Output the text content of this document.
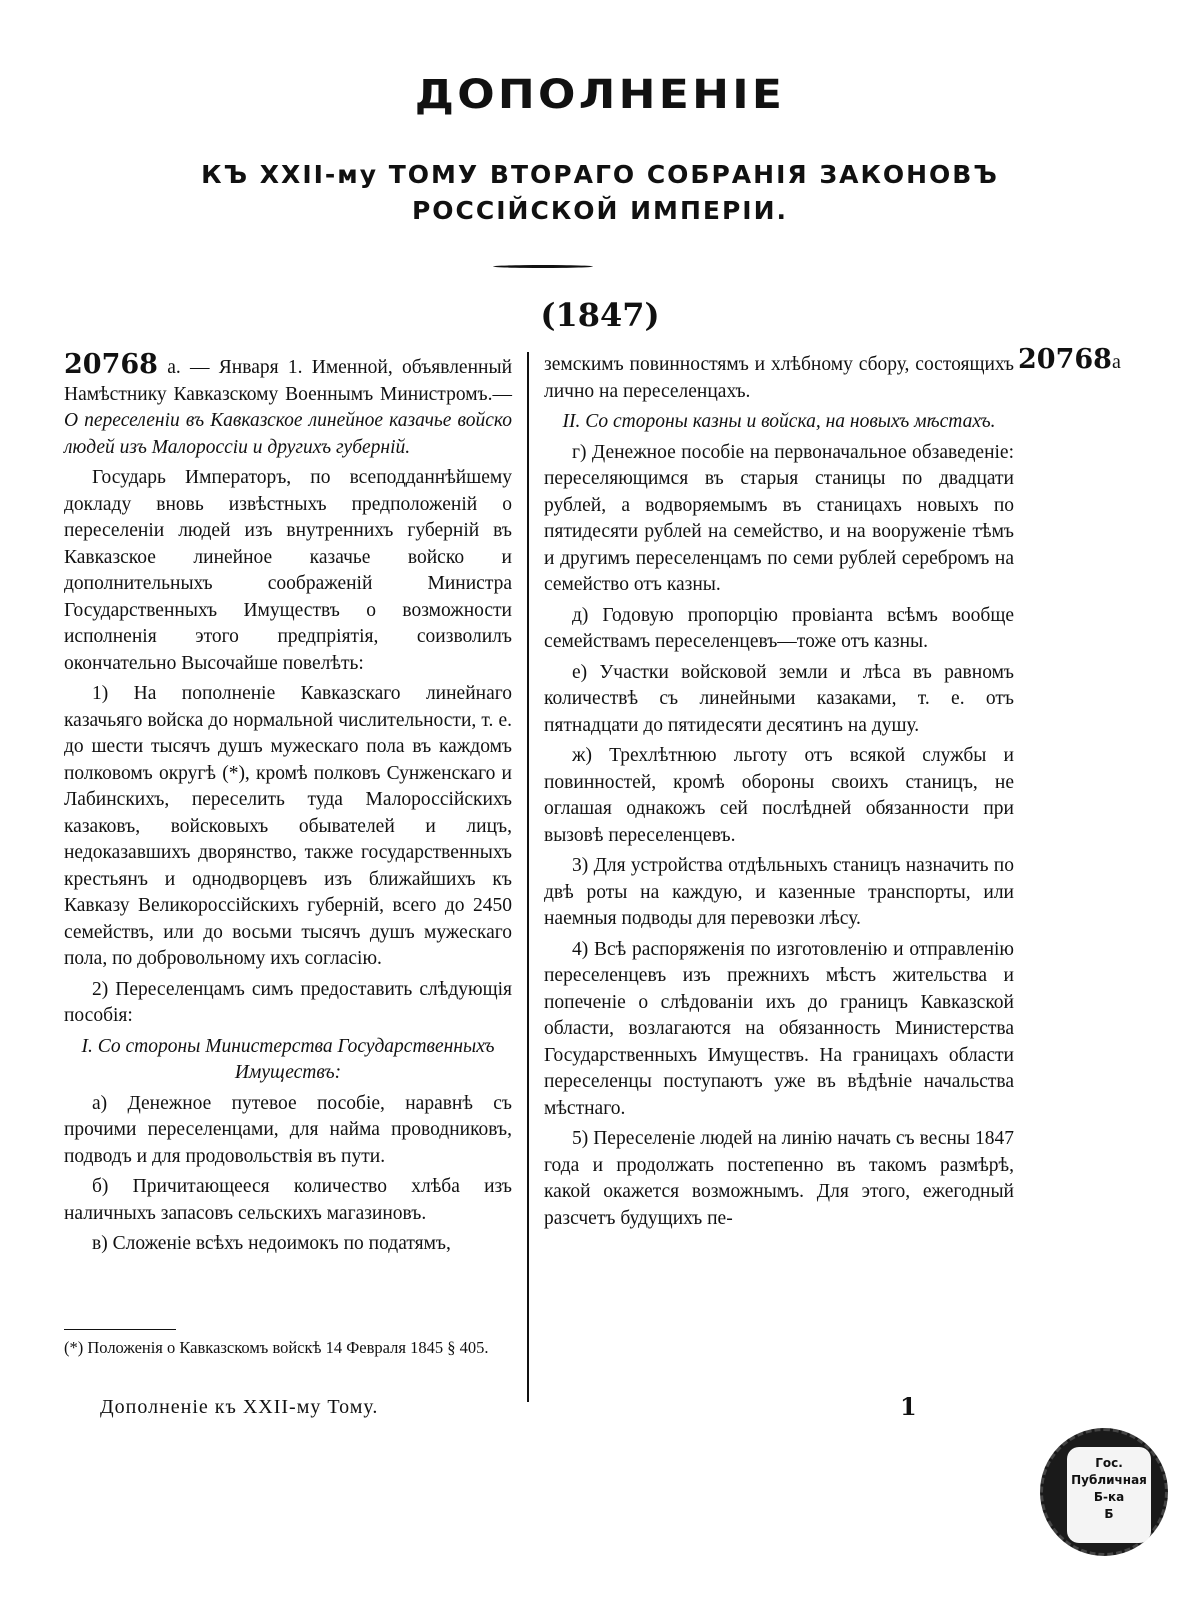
ДОПОЛНЕНІЕ
КЪ XXII-му ТОМУ ВТОРАГО СОБРАНІЯ ЗАКОНОВЪ
РОССІЙСКОЙ ИМПЕРІИ.
(1847)
20768а

20768 а. — Января 1. Именной, объявленный Намѣстнику Кавказскому Военнымъ Министромъ.— О переселеніи въ Кавказское линейное казачье войско людей изъ Малороссіи и другихъ губерній.

Государь Императоръ, по всеподданнѣйшему докладу вновь извѣстныхъ предположеній о переселеніи людей изъ внутреннихъ губерній въ Кавказское линейное казачье войско и дополнительныхъ соображеній Министра Государственныхъ Имуществъ о возможности исполненія этого предпріятія, соизволилъ окончательно Высочайше повелѣть:

1) На пополненіе Кавказскаго линейнаго казачьяго войска до нормальной числительности, т. е. до шести тысячъ душъ мужескаго пола въ каждомъ полковомъ округѣ (*), кромѣ полковъ Сунженскаго и Лабинскихъ, переселить туда Малороссійскихъ казаковъ, войсковыхъ обывателей и лицъ, недоказавшихъ дворянство, также государственныхъ крестьянъ и однодворцевъ изъ ближайшихъ къ Кавказу Великороссійскихъ губерній, всего до 2450 семействъ, или до восьми тысячъ душъ мужескаго пола, по добровольному ихъ согласію.

2) Переселенцамъ симъ предоставить слѣдующія пособія:

I. Со стороны Министерства Государственныхъ Имуществъ:

а) Денежное путевое пособіе, наравнѣ съ прочими переселенцами, для найма проводниковъ, подводъ и для продовольствія въ пути.

б) Причитающееся количество хлѣба изъ наличныхъ запасовъ сельскихъ магазиновъ.

в) Сложеніе всѣхъ недоимокъ по податямъ,

земскимъ повинностямъ и хлѣбному сбору, состоящихъ лично на переселенцахъ.

II. Со стороны казны и войска, на новыхъ мѣстахъ.

г) Денежное пособіе на первоначальное обзаведеніе: переселяющимся въ старыя станицы по двадцати рублей, а водворяемымъ въ станицахъ новыхъ по пятидесяти рублей на семейство, и на вооруженіе тѣмъ и другимъ переселенцамъ по семи рублей серебромъ на семейство отъ казны.

д) Годовую пропорцію провіанта всѣмъ вообще семействамъ переселенцевъ—тоже отъ казны.

е) Участки войсковой земли и лѣса въ равномъ количествѣ съ линейными казаками, т. е. отъ пятнадцати до пятидесяти десятинъ на душу.

ж) Трехлѣтнюю льготу отъ всякой службы и повинностей, кромѣ обороны своихъ станицъ, не оглашая однакожъ сей послѣдней обязанности при вызовѣ переселенцевъ.

3) Для устройства отдѣльныхъ станицъ назначить по двѣ роты на каждую, и казенные транспорты, или наемныя подводы для перевозки лѣсу.

4) Всѣ распоряженія по изготовленію и отправленію переселенцевъ изъ прежнихъ мѣстъ жительства и попеченіе о слѣдованіи ихъ до границъ Кавказской области, возлагаются на обязанность Министерства Государственныхъ Имуществъ. На границахъ области переселенцы поступаютъ уже въ вѣдѣніе начальства мѣстнаго.

5) Переселеніе людей на линію начать съ весны 1847 года и продолжать постепенно въ такомъ размѣрѣ, какой окажется возможнымъ. Для этого, ежегодный разсчетъ будущихъ пе-

(*) Положенія о Кавказскомъ войскѣ 14 Февраля 1845 § 405.
Дополненіе къ XXII-му Тому.	1
Гос.
Публичная
Б-ка
Б
